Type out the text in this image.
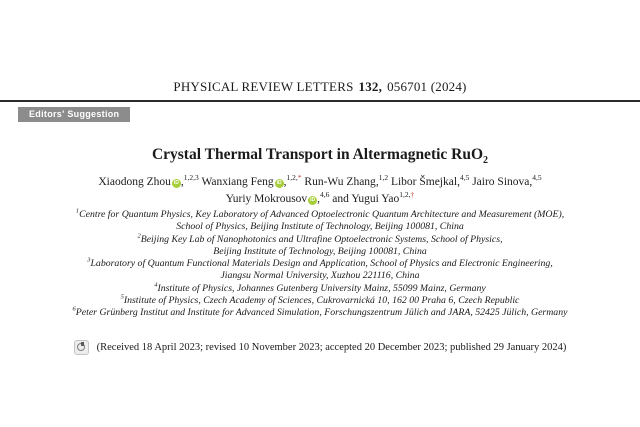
PHYSICAL REVIEW LETTERS 132, 056701 (2024)
Editors' Suggestion
Crystal Thermal Transport in Altermagnetic RuO$_2$
Xiaodong Zhou iD ,$^{1,2,3}$ Wanxiang Feng iD ,$^{1,2,*}$ Run-Wu Zhang,$^{1,2}$ Libor Šmejkal,$^{4,5}$ Jairo Sinova,$^{4,5}$
Yuriy Mokrousov iD ,$^{4,6}$ and Yugui Yao$^{1,2,\dagger}$
$^1$Centre for Quantum Physics, Key Laboratory of Advanced Optoelectronic Quantum Architecture and Measurement (MOE),
School of Physics, Beijing Institute of Technology, Beijing 100081, China
$^2$Beijing Key Lab of Nanophotonics and Ultrafine Optoelectronic Systems, School of Physics,
Beijing Institute of Technology, Beijing 100081, China
$^3$Laboratory of Quantum Functional Materials Design and Application, School of Physics and Electronic Engineering,
Jiangsu Normal University, Xuzhou 221116, China
$^4$Institute of Physics, Johannes Gutenberg University Mainz, 55099 Mainz, Germany
$^5$Institute of Physics, Czech Academy of Sciences, Cukrovarnická 10, 162 00 Praha 6, Czech Republic
$^6$Peter Grünberg Institut and Institute for Advanced Simulation, Forschungszentrum Jülich and JARA, 52425 Jülich, Germany
(Received 18 April 2023; revised 10 November 2023; accepted 20 December 2023; published 29 January 2024)
